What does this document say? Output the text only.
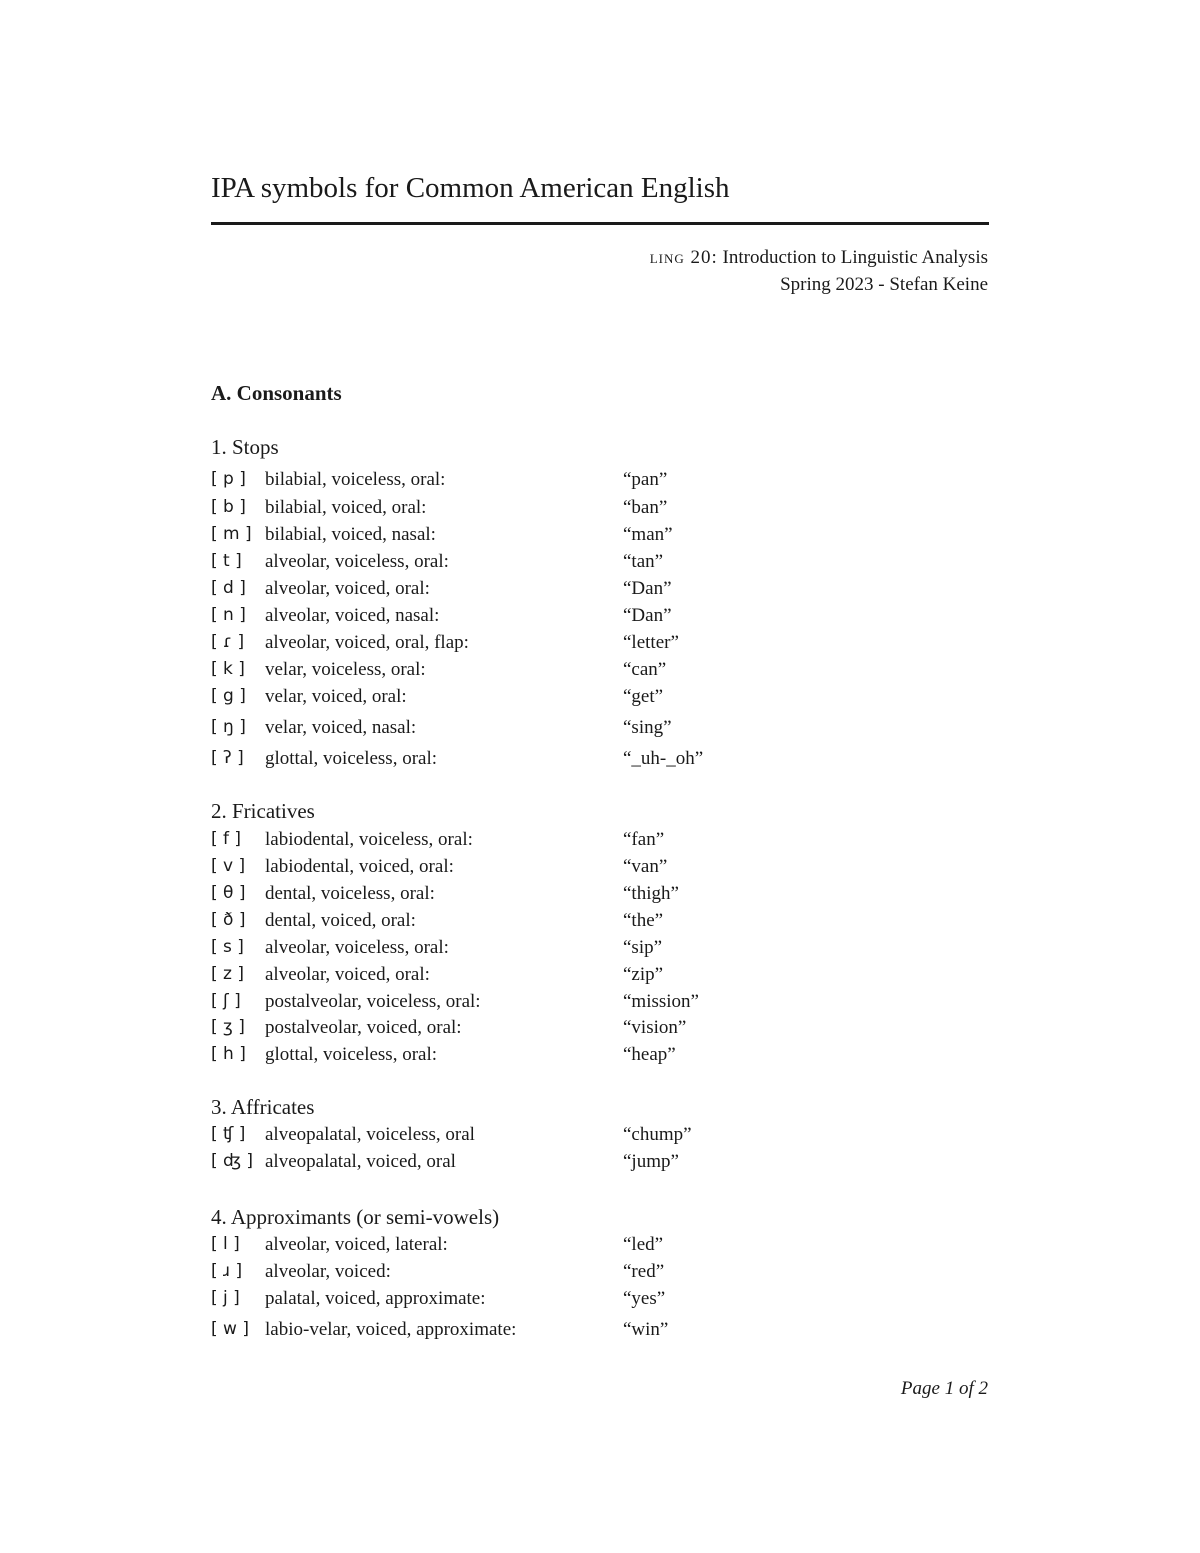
IPA symbols for Common American English
ling 20: Introduction to Linguistic Analysis
Spring 2023 - Stefan Keine
A. Consonants
1. Stops
[ p ]	bilabial, voiceless, oral:	“pan”
[ b ]	bilabial, voiced, oral:	“ban”
[ m ] bilabial, voiced, nasal:	“man”
[ t ]	alveolar, voiceless, oral:	“tan”
[ d ]	alveolar, voiced, oral:	“Dan”
[ n ]	alveolar, voiced, nasal:	“Dan”
[ ɾ ]	alveolar, voiced, oral, flap:	“letter”
[ k ]	velar, voiceless, oral:	“can”
[ g ]	velar, voiced, oral:	“get”
[ ŋ ]	velar, voiced, nasal:	“sing”
[ ʔ ]	glottal, voiceless, oral:	“_uh-_oh”
2. Fricatives
[ f ]	labiodental, voiceless, oral:	“fan”
[ v ]	labiodental, voiced, oral:	“van”
[ θ ]	dental, voiceless, oral:	“thigh”
[ ð ]	dental, voiced, oral:	“the”
[ s ]	alveolar, voiceless, oral:	“sip”
[ z ]	alveolar, voiced, oral:	“zip”
[ ʃ ]	postalveolar, voiceless, oral:	“mission”
[ ʒ ]	postalveolar, voiced, oral:	“vision”
[ h ]	glottal, voiceless, oral:	“heap”
3. Affricates
[ ʧ ]	alveopalatal, voiceless, oral	“chump”
[ ʤ ] alveopalatal, voiced, oral	“jump”
4. Approximants (or semi-vowels)
[ l ]	alveolar, voiced, lateral:	“led”
[ ɹ ]	alveolar, voiced:	“red”
[ j ]	palatal, voiced, approximate:	“yes”
[ w ] labio-velar, voiced, approximate:	“win”
Page 1 of 2
